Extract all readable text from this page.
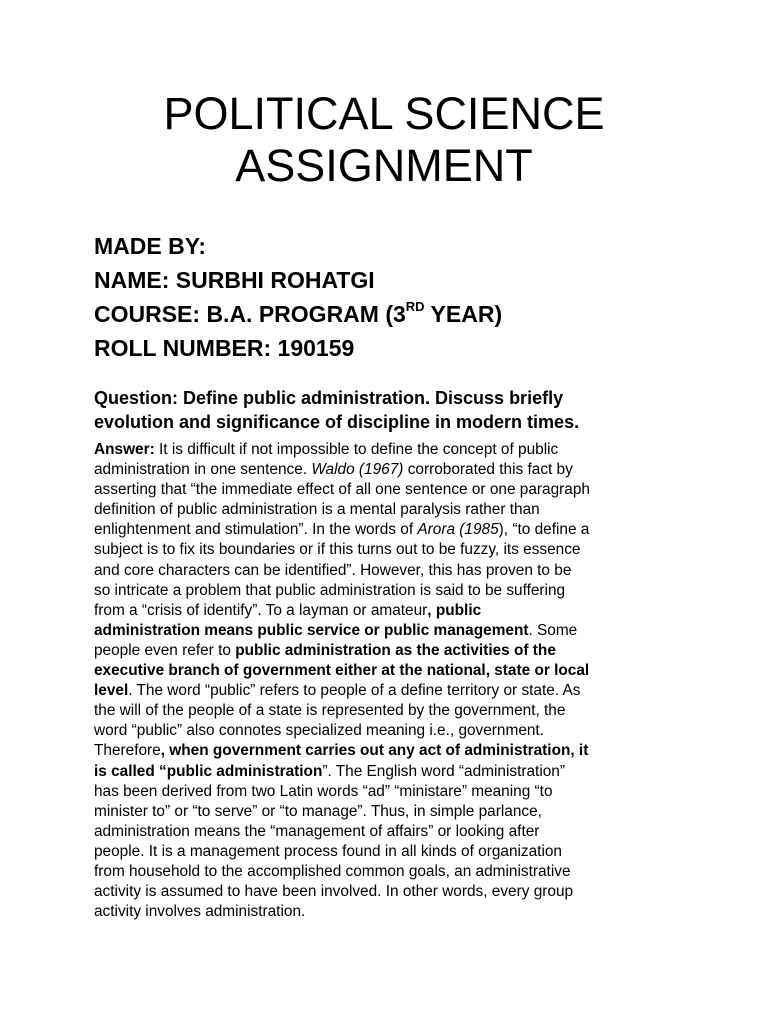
POLITICAL SCIENCE
ASSIGNMENT
MADE BY:
NAME: SURBHI ROHATGI
COURSE: B.A. PROGRAM (3RD YEAR)
ROLL NUMBER: 190159
Question: Define public administration. Discuss briefly
evolution and significance of discipline in modern times.
Answer: It is difficult if not impossible to define the concept of public
administration in one sentence. Waldo (1967) corroborated this fact by
asserting that “the immediate effect of all one sentence or one paragraph
definition of public administration is a mental paralysis rather than
enlightenment and stimulation”. In the words of Arora (1985), “to define a
subject is to fix its boundaries or if this turns out to be fuzzy, its essence
and core characters can be identified”. However, this has proven to be
so intricate a problem that public administration is said to be suffering
from a “crisis of identify”. To a layman or amateur, public
administration means public service or public management. Some
people even refer to public administration as the activities of the
executive branch of government either at the national, state or local
level. The word “public” refers to people of a define territory or state. As
the will of the people of a state is represented by the government, the
word “public” also connotes specialized meaning i.e., government.
Therefore, when government carries out any act of administration, it
is called “public administration”. The English word “administration”
has been derived from two Latin words “ad” “ministare” meaning “to
minister to” or “to serve” or “to manage”. Thus, in simple parlance,
administration means the “management of affairs” or looking after
people. It is a management process found in all kinds of organization
from household to the accomplished common goals, an administrative
activity is assumed to have been involved. In other words, every group
activity involves administration.
